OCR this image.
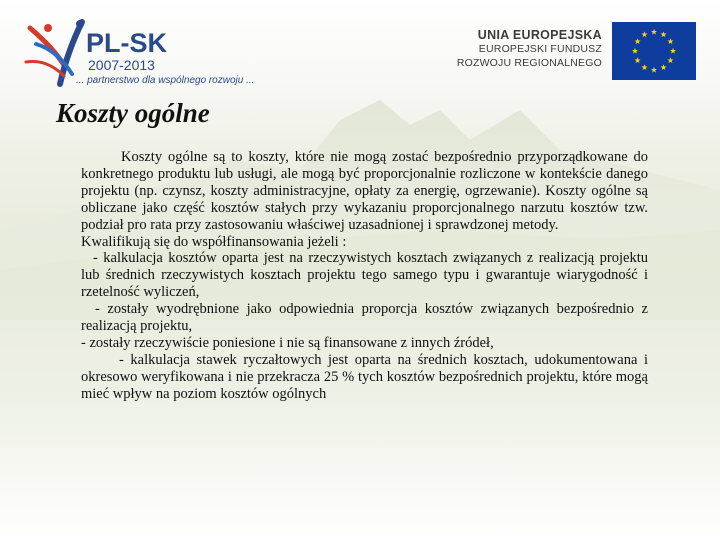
PL-SK
2007-2013
... partnerstwo dla wspólnego rozwoju ...
UNIA EUROPEJSKA
EUROPEJSKI FUNDUSZ
ROZWOJU REGIONALNEGO
Koszty ogólne

Koszty ogólne są to koszty, które nie mogą zostać bezpośrednio przyporządkowane do konkretnego produktu lub usługi, ale mogą być proporcjonalnie rozliczone w kontekście danego projektu (np. czynsz, koszty administracyjne, opłaty za energię, ogrzewanie). Koszty ogólne są obliczane jako część kosztów stałych przy wykazaniu proporcjonalnego narzutu kosztów tzw. podział pro rata przy zastosowaniu właściwej uzasadnionej i sprawdzonej metody.

Kwalifikują się do współfinansowania jeżeli :

- kalkulacja kosztów oparta jest na rzeczywistych kosztach związanych z realizacją projektu lub średnich rzeczywistych kosztach projektu tego samego typu i gwarantuje wiarygodność i rzetelność wyliczeń,

- zostały wyodrębnione jako odpowiednia proporcja kosztów związanych bezpośrednio z realizacją projektu,

- zostały rzeczywiście poniesione i nie są finansowane z innych źródeł,

- kalkulacja stawek ryczałtowych jest oparta na średnich kosztach, udokumentowana i okresowo weryfikowana i nie przekracza 25 % tych kosztów bezpośrednich projektu, które mogą mieć wpływ na poziom kosztów ogólnych
